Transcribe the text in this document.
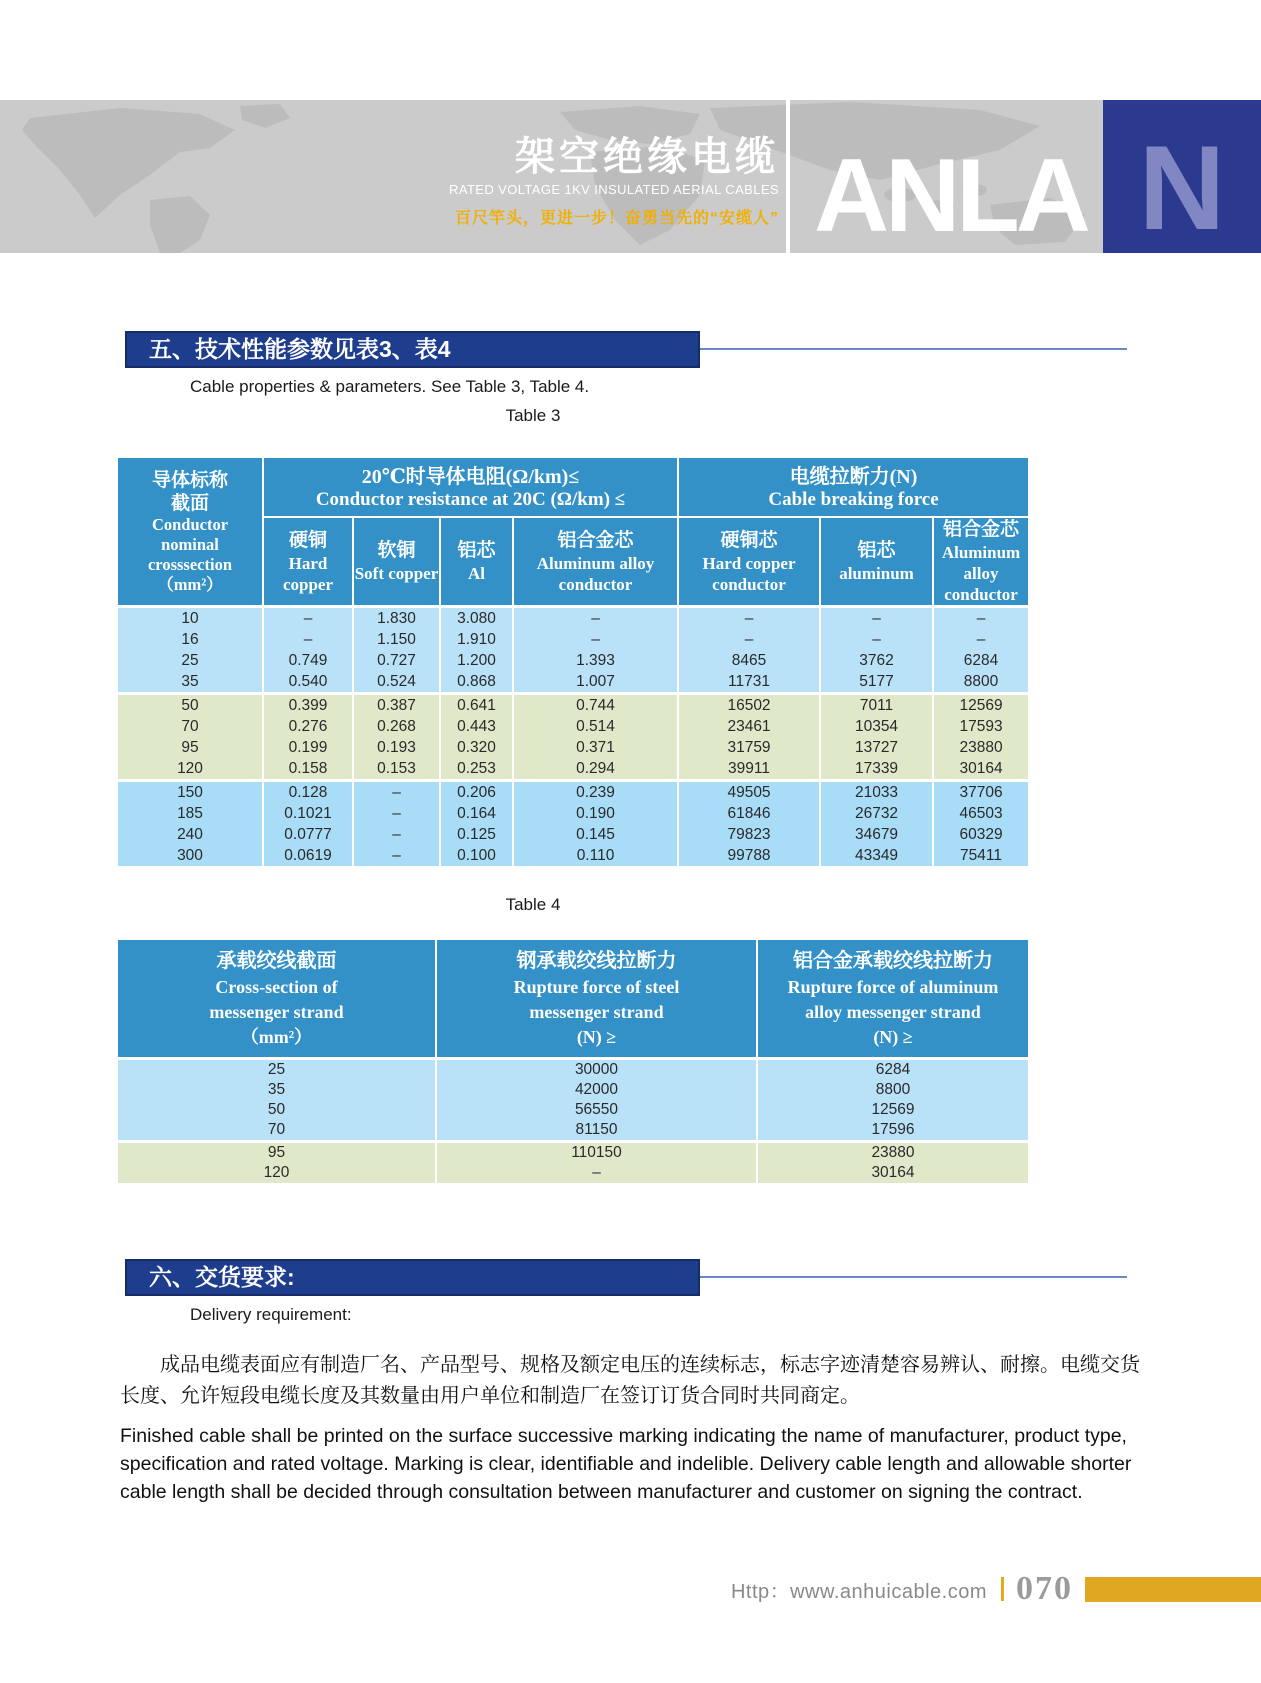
架空绝缘电缆
RATED VOLTAGE 1KV INSULATED AERIAL CABLES
百尺竿头，更进一步！奋勇当先的“安缆人” ANLA N
五、技术性能参数见表3、表4
Cable properties & parameters. See Table 3, Table 4.
Table 3
导体标称
截面
Conductor
nominal
crosssection
（mm²）

20℃时导体电阻(Ω/km)≤
Conductor resistance at 20C (Ω/km) ≤

电缆拉断力(N)
Cable breaking force

硬铜
Hard copper

软铜
Soft copper

铝芯
Al

铝合金芯
Aluminum alloy conductor

硬铜芯
Hard copper conductor

铝芯
aluminum

铝合金芯
Aluminum alloy conductor

10	–	1.830	3.080	–	–	–	–
16	–	1.150	1.910	–	–	–	–
25	0.749	0.727	1.200	1.393	8465	3762	6284
35	0.540	0.524	0.868	1.007	11731	5177	8800
50	0.399	0.387	0.641	0.744	16502	7011	12569
70	0.276	0.268	0.443	0.514	23461	10354	17593
95	0.199	0.193	0.320	0.371	31759	13727	23880
120	0.158	0.153	0.253	0.294	39911	17339	30164
150	0.128	–	0.206	0.239	49505	21033	37706
185	0.1021	–	0.164	0.190	61846	26732	46503
240	0.0777	–	0.125	0.145	79823	34679	60329
300	0.0619	–	0.100	0.110	99788	43349	75411
Table 4
承载绞线截面
Cross-section of
messenger strand
（mm²）

钢承载绞线拉断力
Rupture force of steel
messenger strand
(N) ≥

铝合金承载绞线拉断力
Rupture force of aluminum
alloy messenger strand
(N) ≥

25	30000	6284
35	42000	8800
50	56550	12569
70	81150	17596
95	110150	23880
120	–	30164
六、交货要求:
Delivery requirement:
成品电缆表面应有制造厂名、产品型号、规格及额定电压的连续标志，标志字迹清楚容易辨认、耐擦。电缆交货长度、允许短段电缆长度及其数量由用户单位和制造厂在签订订货合同时共同商定。
Finished cable shall be printed on the surface successive marking indicating the name of manufacturer, product type, specification and rated voltage. Marking is clear, identifiable and indelible. Delivery cable length and allowable shorter cable length shall be decided through consultation between manufacturer and customer on signing the contract.
Http：www.anhuicable.com 070
